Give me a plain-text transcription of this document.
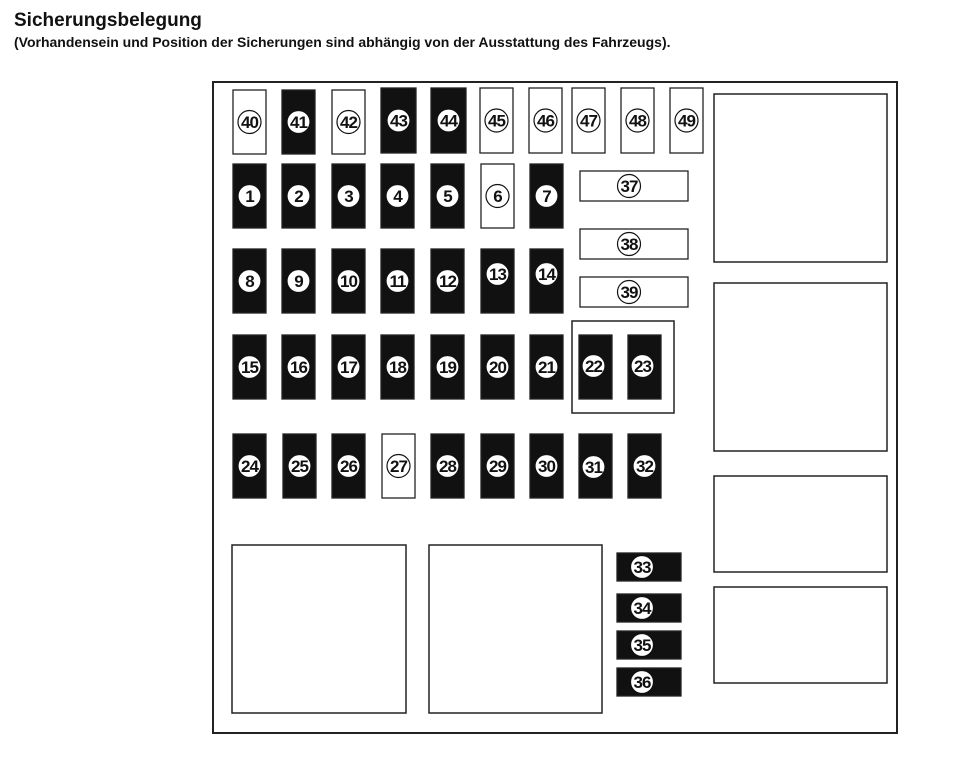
Sicherungsbelegung
(Vorhandensein und Position der Sicherungen sind abhängig von der Ausstattung des Fahrzeugs).
1 2 3 4 5 6 7
8 9 10 11 12 13 14
15 16 17 18 19 20 21 22 23
24 25 26 27 28 29 30 31 32
33
34
35
36
37
38
39
40 41 42 43 44 45 46 47 48 49
